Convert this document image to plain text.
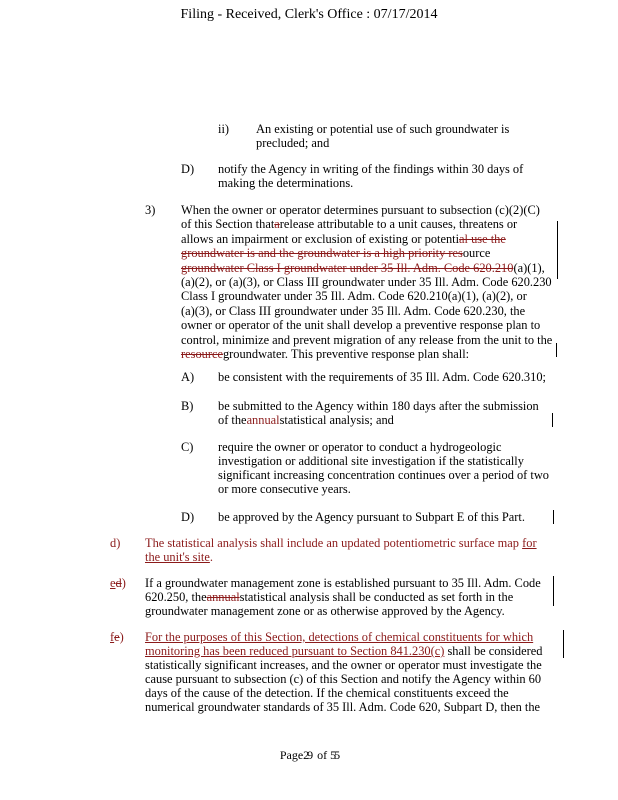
Filing - Received, Clerk's Office : 07/17/2014
ii) An existing or potential use of such groundwater is
precluded; and
D) notify the Agency in writing of the findings within 30 days of
making the determinations.
3) When the owner or operator determines pursuant to subsection (c)(2)(C)

of this Section thatarelease attributable to a unit causes, threatens or

allows an impairment or exclusion of existing or potential use the

groundwater is and the groundwater is a high priority resource

groundwater Class I groundwater under 35 Ill. Adm. Code 620.210(a)(1),

(a)(2), or (a)(3), or Class III groundwater under 35 Ill. Adm. Code 620.230

Class I groundwater under 35 Ill. Adm. Code 620.210(a)(1), (a)(2), or

(a)(3), or Class III groundwater under 35 Ill. Adm. Code 620.230, the

owner or operator of the unit shall develop a preventive response plan to

control, minimize and prevent migration of any release from the unit to the

resourcegroundwater. This preventive response plan shall:

A) be consistent with the requirements of 35 Ill. Adm. Code 620.310;
B) be submitted to the Agency within 180 days after the submission
of theannualstatistical analysis; and
C) require the owner or operator to conduct a hydrogeologic
investigation or additional site investigation if the statistically
significant increasing concentration continues over a period of two
or more consecutive years.
D) be approved by the Agency pursuant to Subpart E of this Part.
d) The statistical analysis shall include an updated potentiometric surface map for
the unit's site.
ed) If a groundwater management zone is established pursuant to 35 Ill. Adm. Code
620.250, theannualstatistical analysis shall be conducted as set forth in the
groundwater management zone or as otherwise approved by the Agency.
fe) For the purposes of this Section, detections of chemical constituents for which
monitoring has been reduced pursuant to Section 841.230(c) shall be considered
statistically significant increases, and the owner or operator must investigate the
cause pursuant to subsection (c) of this Section and notify the Agency within 60
days of the cause of the detection. If the chemical constituents exceed the
numerical groundwater standards of 35 Ill. Adm. Code 620, Subpart D, then the
Page29 of 55
